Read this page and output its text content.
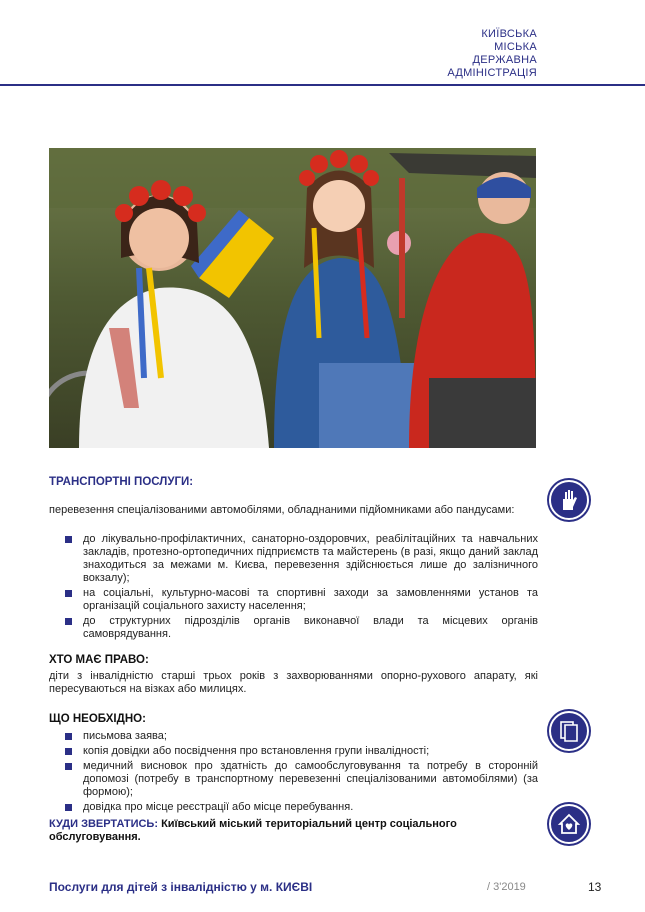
КИЇВСЬКА
МІСЬКА
ДЕРЖАВНА
АДМІНІСТРАЦІЯ
ТРАНСПОРТНІ ПОСЛУГИ:
перевезення спеціалізованими автомобілями, обладнаними підйомниками або пандусами:
до лікувально-профілактичних, санаторно-оздоровчих, реабілітаційних та навчальних закладів, протезно-ортопедичних підприємств та майстерень (в разі, якщо даний заклад знаходиться за межами м. Києва, перевезення здійснюється лише до залізничного вокзалу);
на соціальні, культурно-масові та спортивні заходи за замовленнями установ та організацій соціального захисту населення;
до структурних підрозділів органів виконавчої влади та місцевих органів самоврядування.
ХТО МАЄ ПРАВО:
діти з інвалідністю старші трьох років з захворюваннями опорно-рухового апарату, які пересуваються на візках або милицях.
ЩО НЕОБХІДНО:
письмова заява;
копія довідки або посвідчення про встановлення групи інвалідності;
медичний висновок про здатність до самообслуговування та потребу в сторонній допомозі (потребу в транспортному перевезенні спеціалізованими автомобілями) (за формою);
довідка про місце реєстрації або місце перебування.
КУДИ ЗВЕРТАТИСЬ: Київський міський територіальний центр соціального обслуговування.
Послуги для дітей з інвалідністю у м. КИЄВІ	/ 3'2019	13
